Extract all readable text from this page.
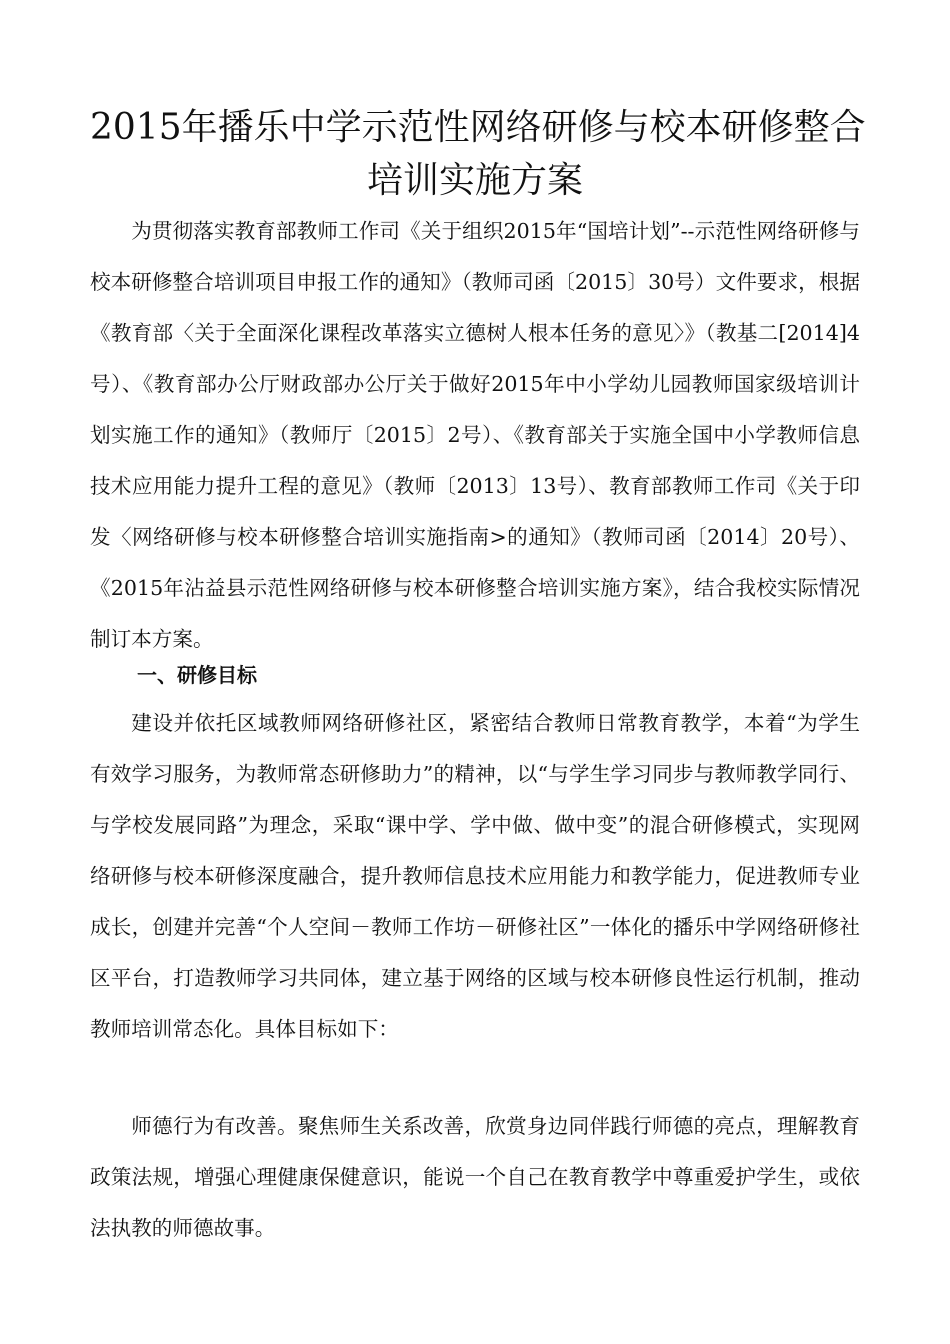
2015年播乐中学示范性网络研修与校本研修整合
培训实施方案

为贯彻落实教育部教师工作司《关于组织2015年“国培计划”--示范性网络研修与校本研修整合培训项目申报工作的通知》（教师司函〔2015〕30号）文件要求，根据《教育部〈关于全面深化课程改革落实立德树人根本任务的意见〉》（教基二[2014]4号）、《教育部办公厅财政部办公厅关于做好2015年中小学幼儿园教师国家级培训计划实施工作的通知》（教师厅〔2015〕2号）、《教育部关于实施全国中小学教师信息技术应用能力提升工程的意见》（教师〔2013〕13号）、教育部教师工作司《关于印发〈网络研修与校本研修整合培训实施指南>的通知》（教师司函〔2014〕20号）、《2015年沾益县示范性网络研修与校本研修整合培训实施方案》，结合我校实际情况制订本方案。

一、研修目标

建设并依托区域教师网络研修社区，紧密结合教师日常教育教学，本着“为学生有效学习服务，为教师常态研修助力”的精神，以“与学生学习同步与教师教学同行、与学校发展同路”为理念，采取“课中学、学中做、做中变”的混合研修模式，实现网络研修与校本研修深度融合，提升教师信息技术应用能力和教学能力，促进教师专业成长，创建并完善“个人空间－教师工作坊－研修社区”一体化的播乐中学网络研修社区平台，打造教师学习共同体，建立基于网络的区域与校本研修良性运行机制，推动教师培训常态化。具体目标如下：

师德行为有改善。聚焦师生关系改善，欣赏身边同伴践行师德的亮点，理解教育政策法规，增强心理健康保健意识，能说一个自己在教育教学中尊重爱护学生，或依法执教的师德故事。
